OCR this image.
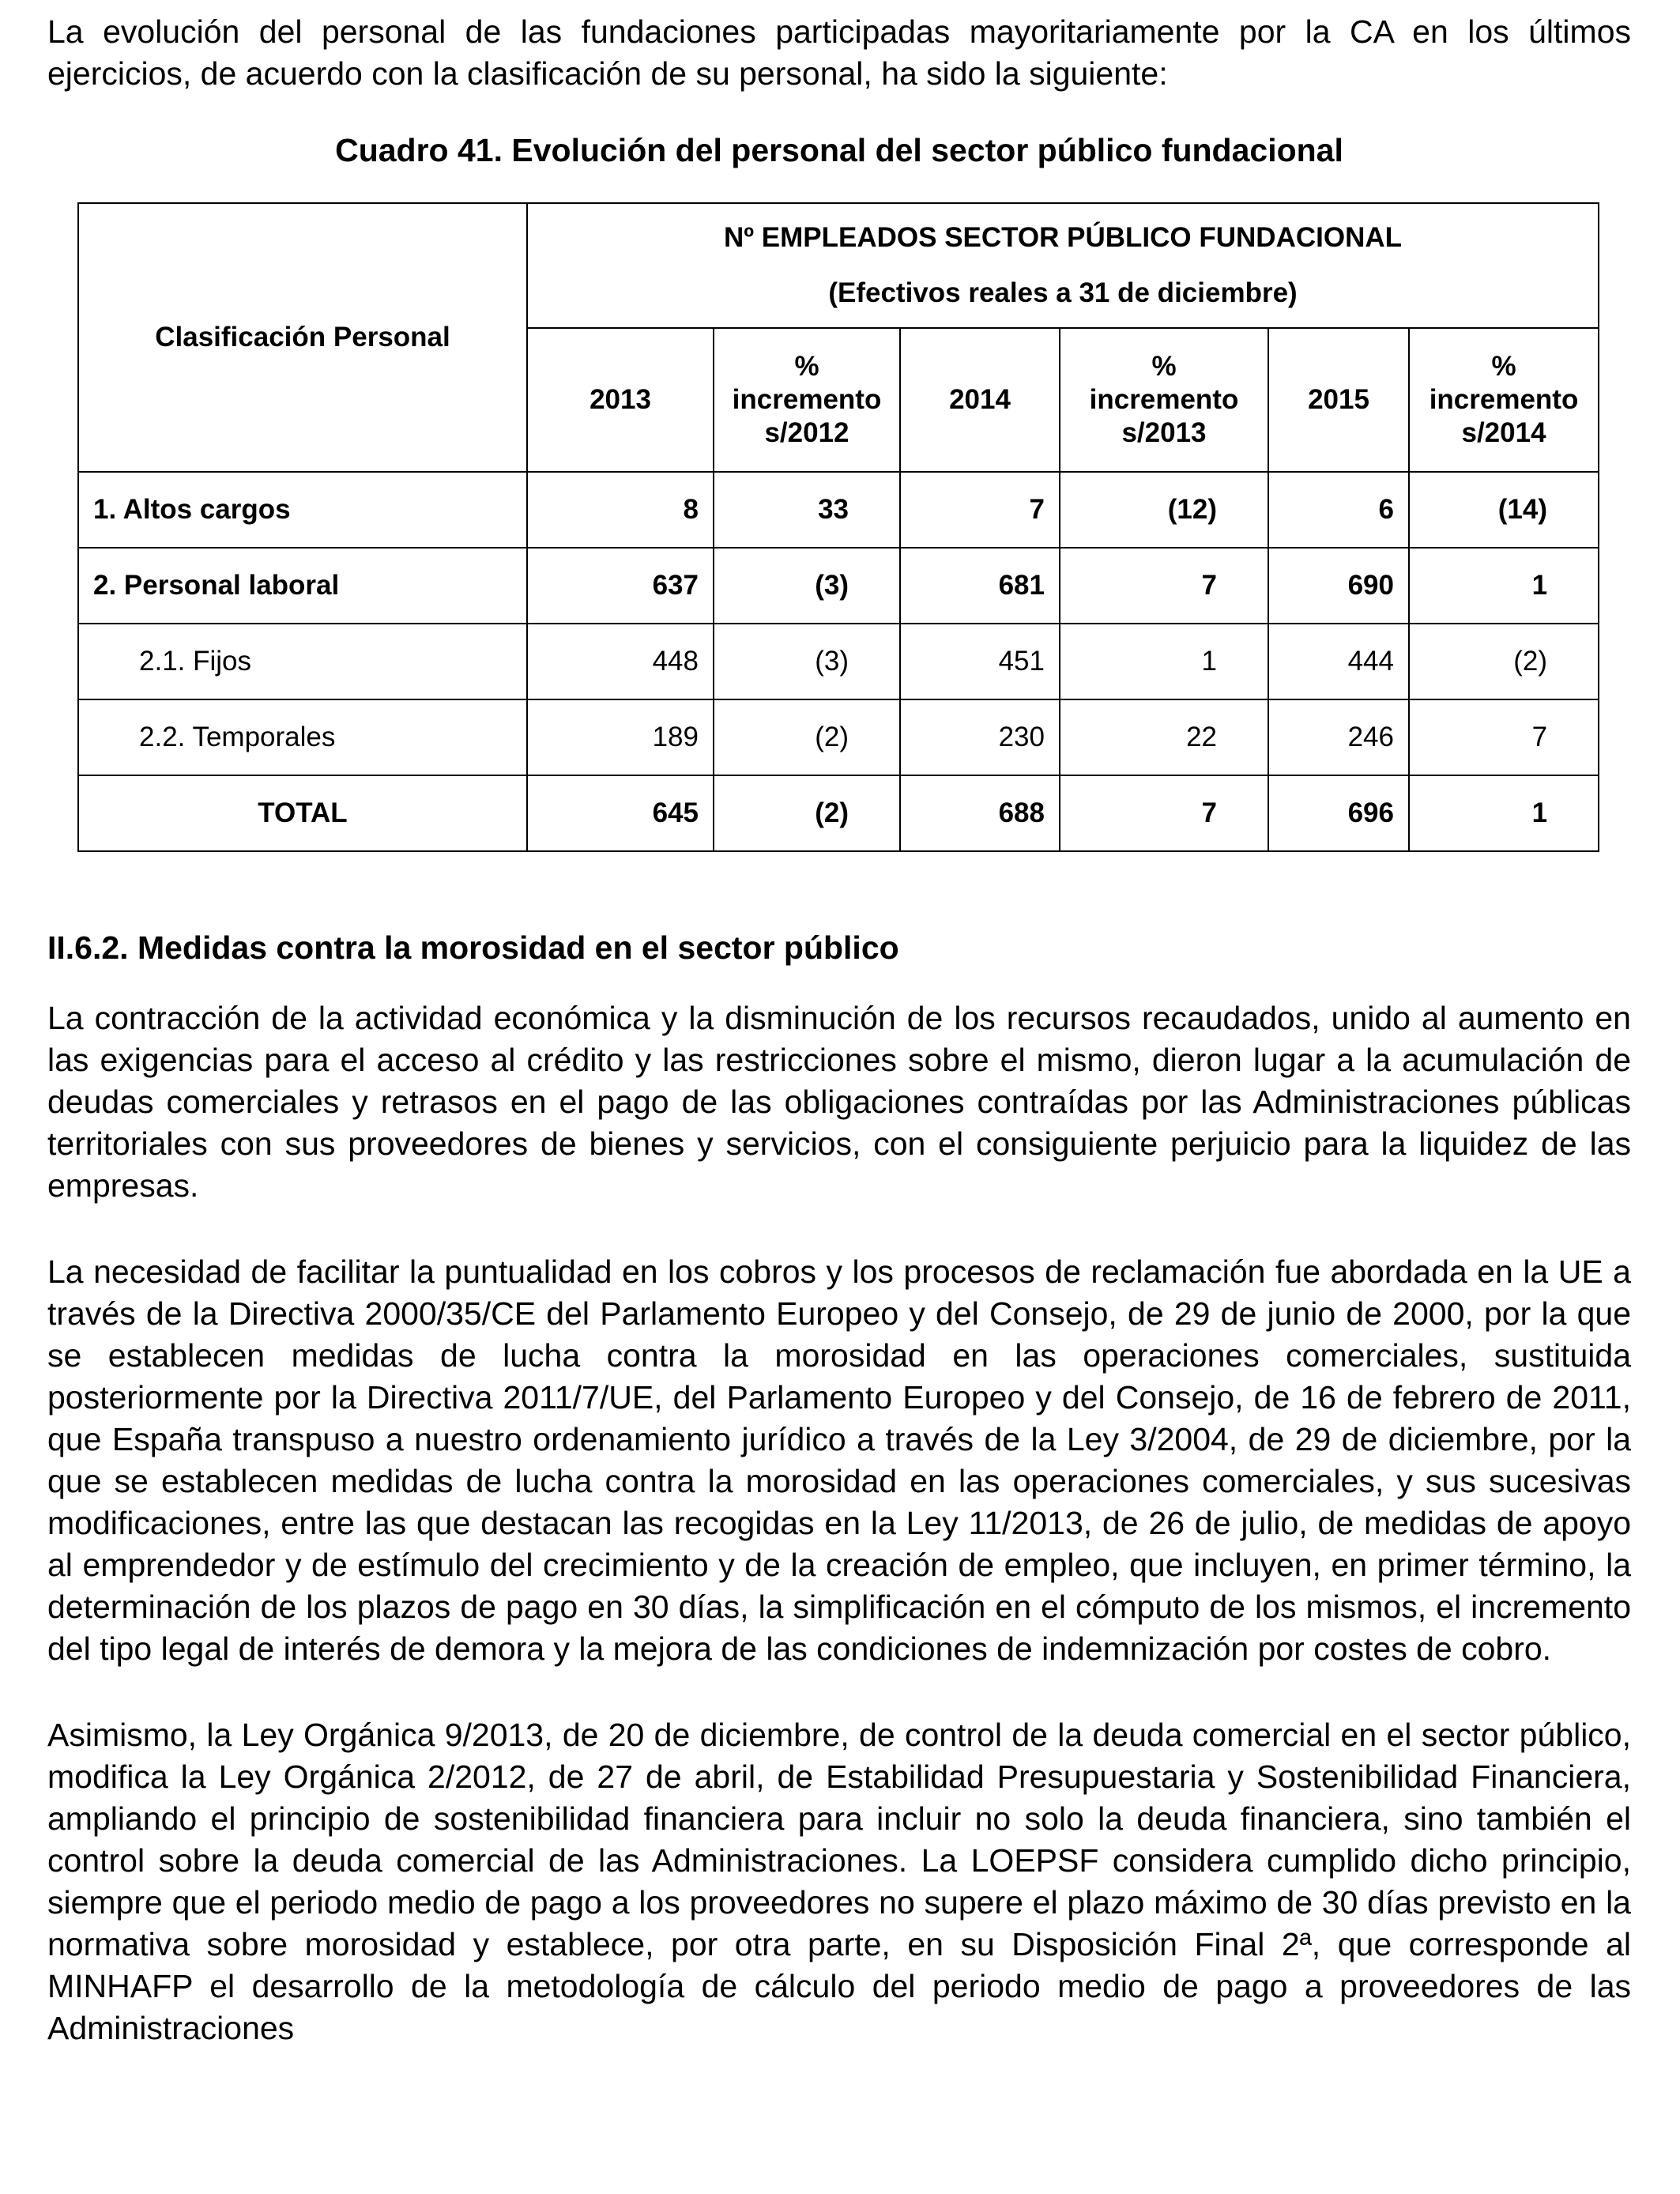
La evolución del personal de las fundaciones participadas mayoritariamente por la CA en los últimos ejercicios, de acuerdo con la clasificación de su personal, ha sido la siguiente:

Cuadro 41. Evolución del personal del sector público fundacional
Clasificación Personal	Nº EMPLEADOS SECTOR PÚBLICO FUNDACIONAL
(Efectivos reales a 31 de diciembre)					

	2013	% incremento s/2012	2014	% incremento s/2013	2015	% incremento s/2014
1. Altos cargos	8	33	7	(12)	6	(14)
2. Personal laboral	637	(3)	681	7	690	1
2.1. Fijos	448	(3)	451	1	444	(2)
2.2. Temporales	189	(2)	230	22	246	7
TOTAL	645	(2)	688	7	696	1
II.6.2. Medidas contra la morosidad en el sector público

La contracción de la actividad económica y la disminución de los recursos recaudados, unido al aumento en las exigencias para el acceso al crédito y las restricciones sobre el mismo, dieron lugar a la acumulación de deudas comerciales y retrasos en el pago de las obligaciones contraídas por las Administraciones públicas territoriales con sus proveedores de bienes y servicios, con el consiguiente perjuicio para la liquidez de las empresas.

La necesidad de facilitar la puntualidad en los cobros y los procesos de reclamación fue abordada en la UE a través de la Directiva 2000/35/CE del Parlamento Europeo y del Consejo, de 29 de junio de 2000, por la que se establecen medidas de lucha contra la morosidad en las operaciones comerciales, sustituida posteriormente por la Directiva 2011/7/UE, del Parlamento Europeo y del Consejo, de 16 de febrero de 2011, que España transpuso a nuestro ordenamiento jurídico a través de la Ley 3/2004, de 29 de diciembre, por la que se establecen medidas de lucha contra la morosidad en las operaciones comerciales, y sus sucesivas modificaciones, entre las que destacan las recogidas en la Ley 11/2013, de 26 de julio, de medidas de apoyo al emprendedor y de estímulo del crecimiento y de la creación de empleo, que incluyen, en primer término, la determinación de los plazos de pago en 30 días, la simplificación en el cómputo de los mismos, el incremento del tipo legal de interés de demora y la mejora de las condiciones de indemnización por costes de cobro.

Asimismo, la Ley Orgánica 9/2013, de 20 de diciembre, de control de la deuda comercial en el sector público, modifica la Ley Orgánica 2/2012, de 27 de abril, de Estabilidad Presupuestaria y Sostenibilidad Financiera, ampliando el principio de sostenibilidad financiera para incluir no solo la deuda financiera, sino también el control sobre la deuda comercial de las Administraciones. La LOEPSF considera cumplido dicho principio, siempre que el periodo medio de pago a los proveedores no supere el plazo máximo de 30 días previsto en la normativa sobre morosidad y establece, por otra parte, en su Disposición Final 2ª, que corresponde al MINHAFP el desarrollo de la metodología de cálculo del periodo medio de pago a proveedores de las Administraciones
